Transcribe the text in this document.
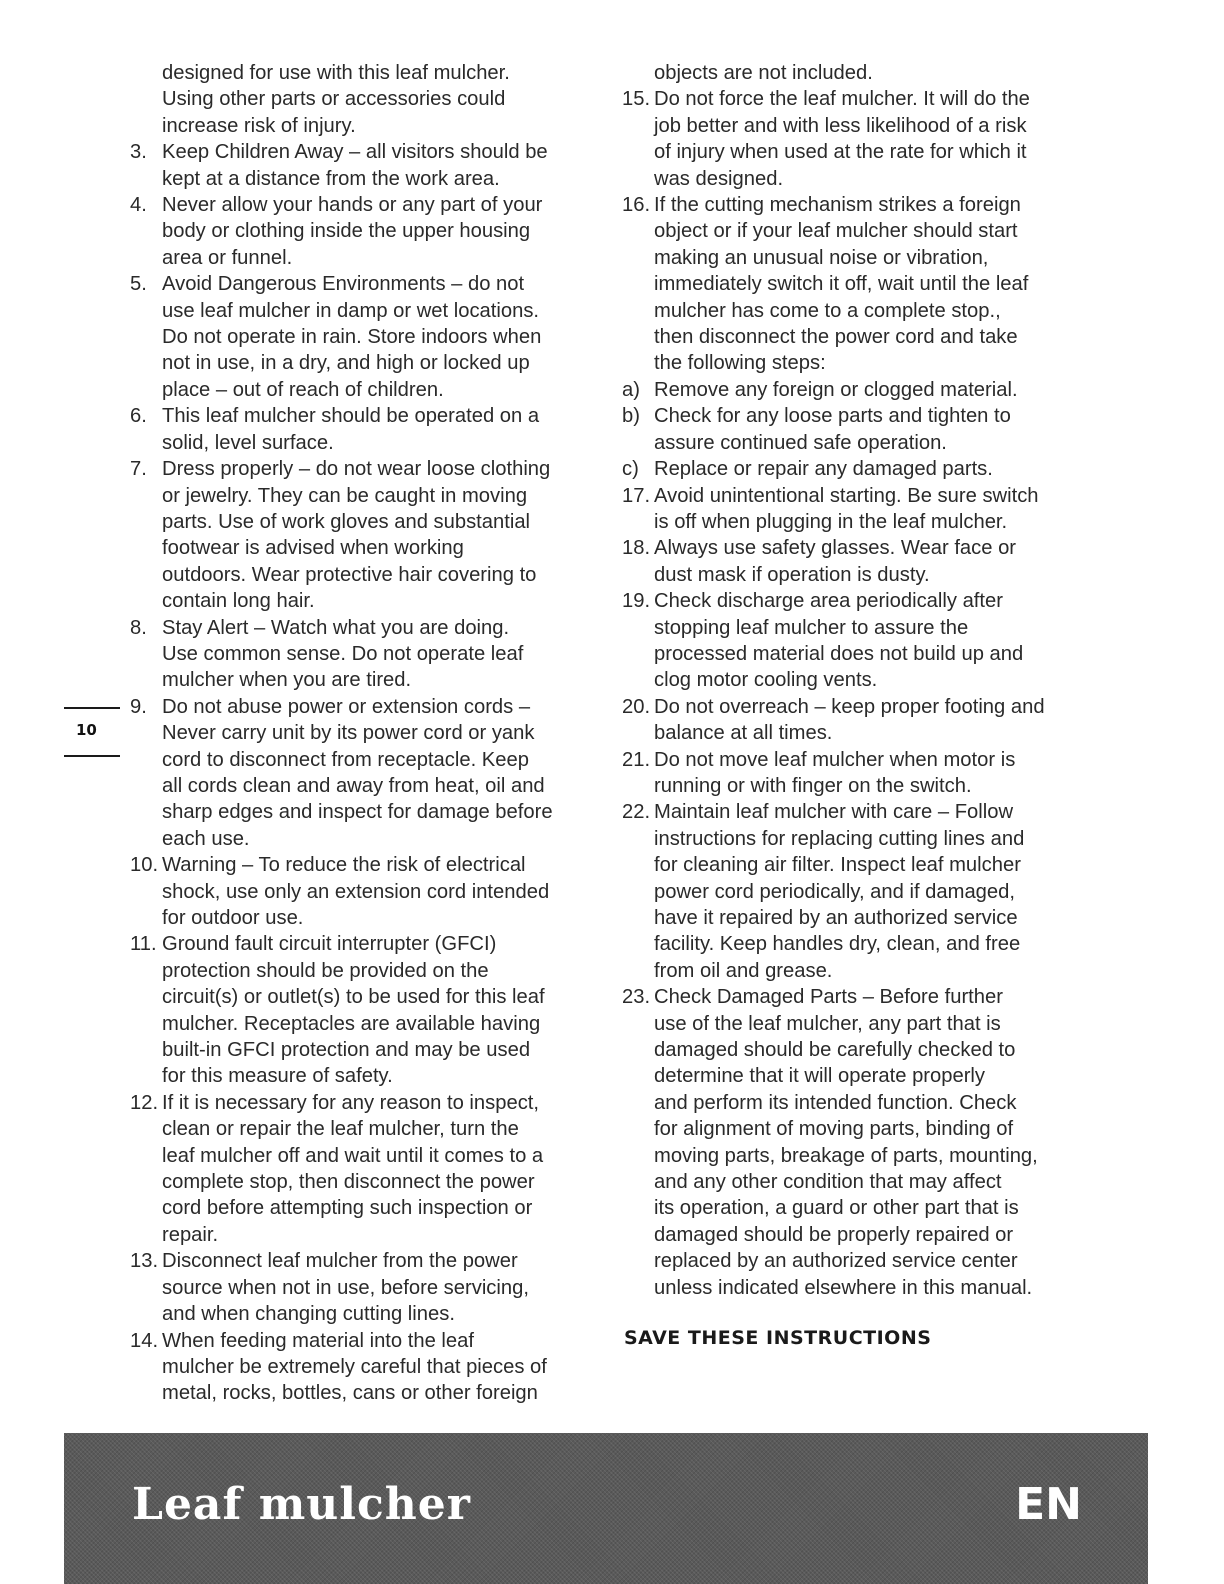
designed for use with this leaf mulcher.
Using other parts or accessories could
increase risk of injury.
3. Keep Children Away – all visitors should be
kept at a distance from the work area.
4. Never allow your hands or any part of your
body or clothing inside the upper housing
area or funnel.
5. Avoid Dangerous Environments – do not
use leaf mulcher in damp or wet locations.
Do not operate in rain. Store indoors when
not in use, in a dry, and high or locked up
place – out of reach of children.
6. This leaf mulcher should be operated on a
solid, level surface.
7. Dress properly – do not wear loose clothing
or jewelry. They can be caught in moving
parts. Use of work gloves and substantial
footwear is advised when working
outdoors. Wear protective hair covering to
contain long hair.
8. Stay Alert – Watch what you are doing.
Use common sense. Do not operate leaf
mulcher when you are tired.
9. Do not abuse power or extension cords –
Never carry unit by its power cord or yank
cord to disconnect from receptacle. Keep
all cords clean and away from heat, oil and
sharp edges and inspect for damage before
each use.
10. Warning – To reduce the risk of electrical
shock, use only an extension cord intended
for outdoor use.
11. Ground fault circuit interrupter (GFCI)
protection should be provided on the
circuit(s) or outlet(s) to be used for this leaf
mulcher. Receptacles are available having
built-in GFCI protection and may be used
for this measure of safety.
12. If it is necessary for any reason to inspect,
clean or repair the leaf mulcher, turn the
leaf mulcher off and wait until it comes to a
complete stop, then disconnect the power
cord before attempting such inspection or
repair.
13. Disconnect leaf mulcher from the power
source when not in use, before servicing,
and when changing cutting lines.
14. When feeding material into the leaf
mulcher be extremely careful that pieces of
metal, rocks, bottles, cans or other foreign
objects are not included.
15. Do not force the leaf mulcher. It will do the
job better and with less likelihood of a risk
of injury when used at the rate for which it
was designed.
16. If the cutting mechanism strikes a foreign
object or if your leaf mulcher should start
making an unusual noise or vibration,
immediately switch it off, wait until the leaf
mulcher has come to a complete stop.,
then disconnect the power cord and take
the following steps:
a) Remove any foreign or clogged material.
b) Check for any loose parts and tighten to
assure continued safe operation.
c) Replace or repair any damaged parts.
17. Avoid unintentional starting. Be sure switch
is off when plugging in the leaf mulcher.
18. Always use safety glasses. Wear face or
dust mask if operation is dusty.
19. Check discharge area periodically after
stopping leaf mulcher to assure the
processed material does not build up and
clog motor cooling vents.
20. Do not overreach – keep proper footing and
balance at all times.
21. Do not move leaf mulcher when motor is
running or with finger on the switch.
22. Maintain leaf mulcher with care – Follow
instructions for replacing cutting lines and
for cleaning air filter. Inspect leaf mulcher
power cord periodically, and if damaged,
have it repaired by an authorized service
facility. Keep handles dry, clean, and free
from oil and grease.
23. Check Damaged Parts – Before further
use of the leaf mulcher, any part that is
damaged should be carefully checked to
determine that it will operate properly
and perform its intended function. Check
for alignment of moving parts, binding of
moving parts, breakage of parts, mounting,
and any other condition that may affect
its operation, a guard or other part that is
damaged should be properly repaired or
replaced by an authorized service center
unless indicated elsewhere in this manual.
SAVE THESE INSTRUCTIONS
10
Leaf mulcher	EN
